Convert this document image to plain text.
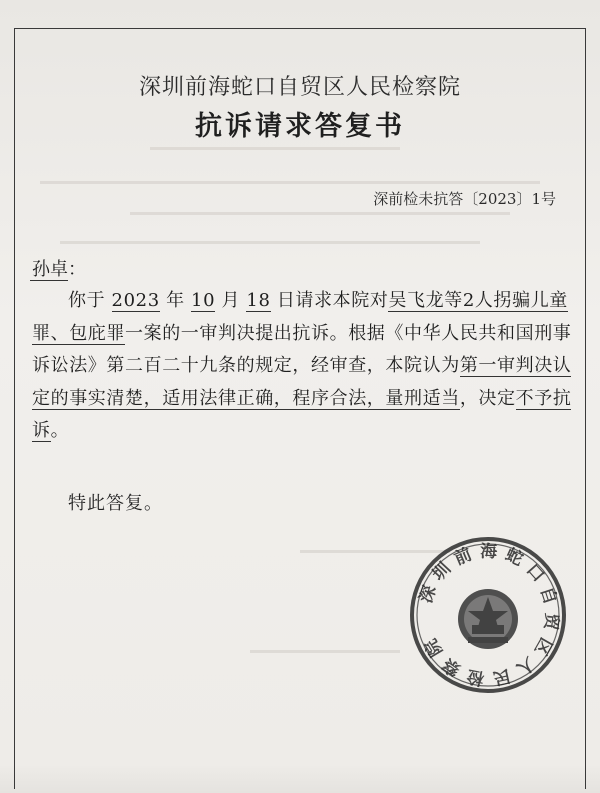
深圳前海蛇口自贸区人民检察院
抗诉请求答复书
深前检未抗答〔2023〕1号
孙卓：

你于 2023 年 10 月 18 日请求本院对吴飞龙等2人拐骗儿童罪、包庇罪一案的一审判决提出抗诉。根据《中华人民共和国刑事诉讼法》第二百二十九条的规定，经审查，本院认为第一审判决认定的事实清楚，适用法律正确，程序合法，量刑适当，决定不予抗诉。

特此答复。
深圳前海蛇口自贸区人民检察院
